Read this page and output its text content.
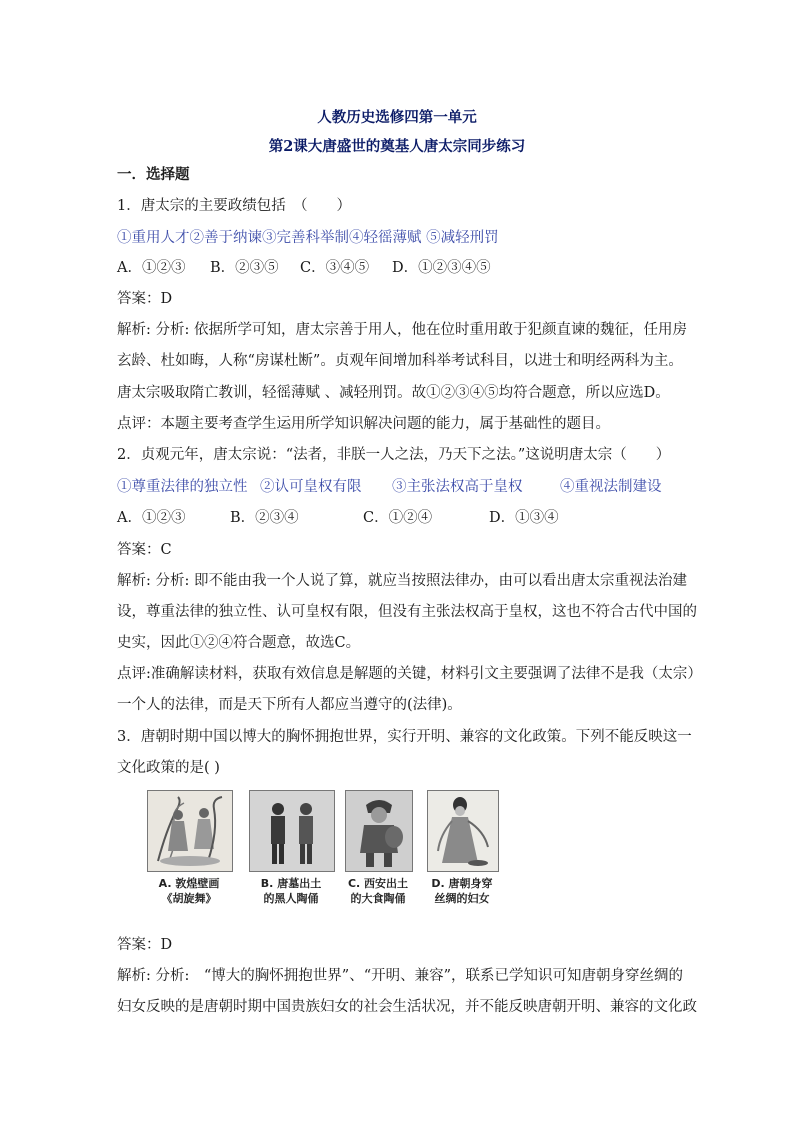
人教历史选修四第一单元
第2课大唐盛世的奠基人唐太宗同步练习
一．选择题
1．唐太宗的主要政绩包括　（　　）
①重用人才②善于纳谏③完善科举制④轻徭薄赋 ⑤减轻刑罚
A．①②③ B．②③⑤ C．③④⑤ D．①②③④⑤
答案：D
解析: 分析: 依据所学可知，唐太宗善于用人，他在位时重用敢于犯颜直谏的魏征，任用房
玄龄、杜如晦，人称“房谋杜断”。贞观年间增加科举考试科目，以进士和明经两科为主。
唐太宗吸取隋亡教训，轻徭薄赋 、减轻刑罚。故①②③④⑤均符合题意，所以应选D。
点评：本题主要考查学生运用所学知识解决问题的能力，属于基础性的题目。
2．贞观元年，唐太宗说：“法者，非朕一人之法，乃天下之法。”这说明唐太宗（　　）
①尊重法律的独立性 ②认可皇权有限 ③主张法权高于皇权	④重视法制建设
A．①②③	B．②③④	C．①②④	D．①③④
答案：C
解析: 分析: 即不能由我一个人说了算，就应当按照法律办，由可以看出唐太宗重视法治建
设，尊重法律的独立性、认可皇权有限，但没有主张法权高于皇权，这也不符合古代中国的
史实，因此①②④符合题意，故选C。
点评:准确解读材料，获取有效信息是解题的关键，材料引文主要强调了法律不是我（太宗）
一个人的法律，而是天下所有人都应当遵守的(法律)。
3．唐朝时期中国以博大的胸怀拥抱世界，实行开明、兼容的文化政策。下列不能反映这一
文化政策的是( )
A. 敦煌壁画
《胡旋舞》
B. 唐墓出土
的黑人陶俑
C. 西安出土
的大食陶俑
D. 唐朝身穿
丝绸的妇女
答案：D
解析: 分析:　“博大的胸怀拥抱世界”、“开明、兼容”，联系已学知识可知唐朝身穿丝绸的
妇女反映的是唐朝时期中国贵族妇女的社会生活状况，并不能反映唐朝开明、兼容的文化政
